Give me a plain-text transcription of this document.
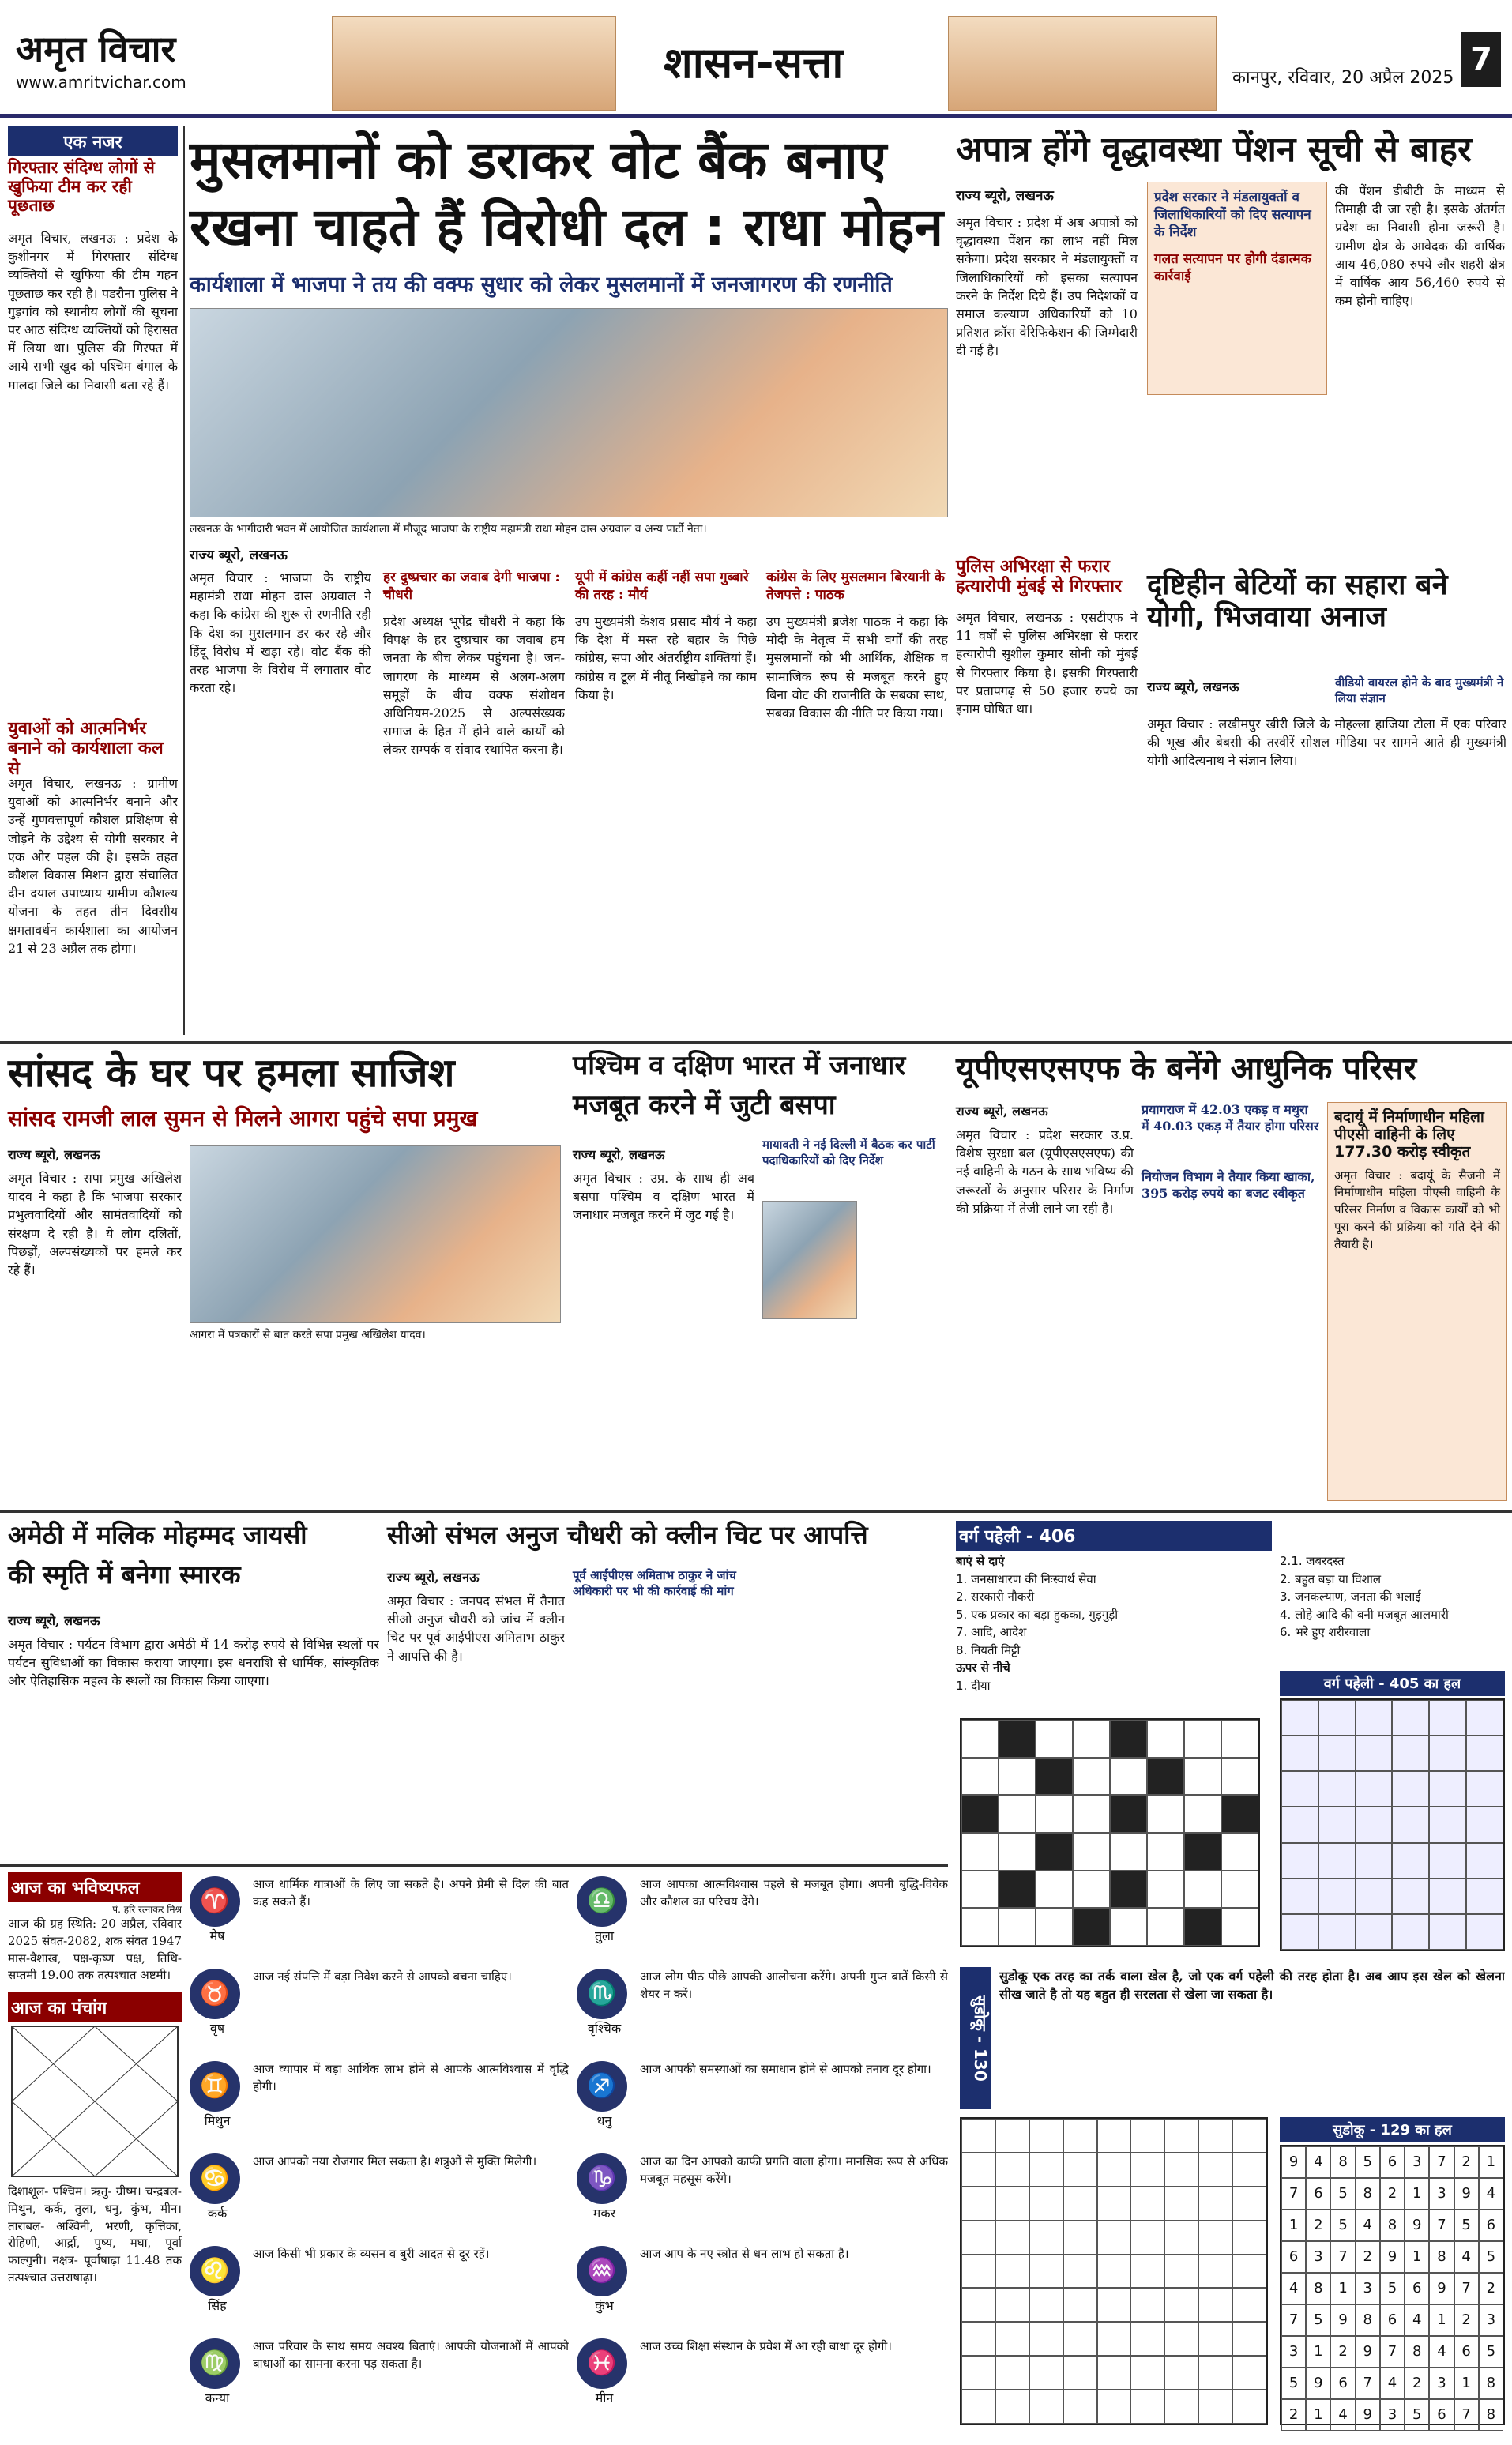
अमृत विचार
www.amritvichar.com	शासन-सत्ता	कानपुर, रविवार, 20 अप्रैल 2025
7
एक नजर
गिरफ्तार संदिग्ध लोगों से खुफिया टीम कर रही पूछताछ
अमृत विचार, लखनऊ : प्रदेश के कुशीनगर में गिरफ्तार संदिग्ध व्यक्तियों से खुफिया की टीम गहन पूछताछ कर रही है। पडरौना पुलिस ने गुड़गांव को स्थानीय लोगों की सूचना पर आठ संदिग्ध व्यक्तियों को हिरासत में लिया था। पुलिस की गिरफ्त में आये सभी खुद को पश्चिम बंगाल के मालदा जिले का निवासी बता रहे हैं।
युवाओं को आत्मनिर्भर बनाने को कार्यशाला कल से
अमृत विचार, लखनऊ : ग्रामीण युवाओं को आत्मनिर्भर बनाने और उन्हें गुणवत्तापूर्ण कौशल प्रशिक्षण से जोड़ने के उद्देश्य से योगी सरकार ने एक और पहल की है। इसके तहत कौशल विकास मिशन द्वारा संचालित दीन दयाल उपाध्याय ग्रामीण कौशल्य योजना के तहत तीन दिवसीय क्षमतावर्धन कार्यशाला का आयोजन 21 से 23 अप्रैल तक होगा।
मुसलमानों को डराकर वोट बैंक बनाए
रखना चाहते हैं विरोधी दल : राधा मोहन
कार्यशाला में भाजपा ने तय की वक्फ सुधार को लेकर मुसलमानों में जनजागरण की रणनीति
लखनऊ के भागीदारी भवन में आयोजित कार्यशाला में मौजूद भाजपा के राष्ट्रीय महामंत्री राधा मोहन दास अग्रवाल व अन्य पार्टी नेता।
राज्य ब्यूरो, लखनऊ
अमृत विचार : भाजपा के राष्ट्रीय महामंत्री राधा मोहन दास अग्रवाल ने कहा कि कांग्रेस की शुरू से रणनीति रही कि देश का मुसलमान डर कर रहे और हिंदू विरोध में खड़ा रहे। वोट बैंक की तरह भाजपा के विरोध में लगातार वोट करता रहे।
हर दुष्प्रचार का जवाब देगी भाजपा : चौधरी
प्रदेश अध्यक्ष भूपेंद्र चौधरी ने कहा कि विपक्ष के हर दुष्प्रचार का जवाब हम जनता के बीच लेकर पहुंचना है। जन-जागरण के माध्यम से अलग-अलग समूहों के बीच वक्फ संशोधन अधिनियम-2025 से अल्पसंख्यक समाज के हित में होने वाले कार्यों को लेकर सम्पर्क व संवाद स्थापित करना है।
यूपी में कांग्रेस कहीं नहीं सपा गुब्बारे की तरह : मौर्य
उप मुख्यमंत्री केशव प्रसाद मौर्य ने कहा कि देश में मस्त रहे बहार के पिछे कांग्रेस, सपा और अंतर्राष्ट्रीय शक्तियां हैं। कांग्रेस व टूल में नीतू निखोड़ने का काम किया है।
कांग्रेस के लिए मुसलमान बिरयानी के तेजपत्ते : पाठक
उप मुख्यमंत्री ब्रजेश पाठक ने कहा कि मोदी के नेतृत्व में सभी वर्गों की तरह मुसलमानों को भी आर्थिक, शैक्षिक व सामाजिक रूप से मजबूत करने हुए बिना वोट की राजनीति के सबका साथ, सबका विकास की नीति पर किया गया।
अपात्र होंगे वृद्धावस्था पेंशन सूची से बाहर
राज्य ब्यूरो, लखनऊ
अमृत विचार : प्रदेश में अब अपात्रों को वृद्धावस्था पेंशन का लाभ नहीं मिल सकेगा। प्रदेश सरकार ने मंडलायुक्तों व जिलाधिकारियों को इसका सत्यापन करने के निर्देश दिये हैं। उप निदेशकों व समाज कल्याण अधिकारियों को 10 प्रतिशत क्रॉस वेरिफिकेशन की जिम्मेदारी दी गई है।
प्रदेश सरकार ने मंडलायुक्तों व जिलाधिकारियों को दिए सत्यापन के निर्देश
गलत सत्यापन पर होगी दंडात्मक कार्रवाई
की पेंशन डीबीटी के माध्यम से तिमाही दी जा रही है। इसके अंतर्गत प्रदेश का निवासी होना जरूरी है। ग्रामीण क्षेत्र के आवेदक की वार्षिक आय 46,080 रुपये और शहरी क्षेत्र में वार्षिक आय 56,460 रुपये से कम होनी चाहिए।
पुलिस अभिरक्षा से फरार हत्यारोपी मुंबई से गिरफ्तार
अमृत विचार, लखनऊ : एसटीएफ ने 11 वर्षों से पुलिस अभिरक्षा से फरार हत्यारोपी सुशील कुमार सोनी को मुंबई से गिरफ्तार किया है। इसकी गिरफ्तारी पर प्रतापगढ़ से 50 हजार रुपये का इनाम घोषित था।
दृष्टिहीन बेटियों का सहारा बने योगी, भिजवाया अनाज
राज्य ब्यूरो, लखनऊ	वीडियो वायरल होने के बाद मुख्यमंत्री ने लिया संज्ञान
अमृत विचार : लखीमपुर खीरी जिले के मोहल्ला हाजिया टोला में एक परिवार की भूख और बेबसी की तस्वीरें सोशल मीडिया पर सामने आते ही मुख्यमंत्री योगी आदित्यनाथ ने संज्ञान लिया।
सांसद के घर पर हमला साजिश
सांसद रामजी लाल सुमन से मिलने आगरा पहुंचे सपा प्रमुख
राज्य ब्यूरो, लखनऊ
अमृत विचार : सपा प्रमुख अखिलेश यादव ने कहा है कि भाजपा सरकार प्रभुत्ववादियों और सामंतवादियों को संरक्षण दे रही है। ये लोग दलितों, पिछड़ों, अल्पसंख्यकों पर हमले कर रहे हैं।
आगरा में पत्रकारों से बात करते सपा प्रमुख अखिलेश यादव।
पश्चिम व दक्षिण भारत में जनाधार
मजबूत करने में जुटी बसपा
राज्य ब्यूरो, लखनऊ
मायावती ने नई दिल्ली में बैठक कर पार्टी पदाधिकारियों को दिए निर्देश
अमृत विचार : उप्र. के साथ ही अब बसपा पश्चिम व दक्षिण भारत में जनाधार मजबूत करने में जुट गई है।
यूपीएसएसएफ के बनेंगे आधुनिक परिसर
राज्य ब्यूरो, लखनऊ
अमृत विचार : प्रदेश सरकार उ.प्र. विशेष सुरक्षा बल (यूपीएसएसएफ) की नई वाहिनी के गठन के साथ भविष्य की जरूरतों के अनुसार परिसर के निर्माण की प्रक्रिया में तेजी लाने जा रही है।
प्रयागराज में 42.03 एकड़ व मथुरा में 40.03 एकड़ में तैयार होगा परिसर
नियोजन विभाग ने तैयार किया खाका, 395 करोड़ रुपये का बजट स्वीकृत
बदायूं में निर्माणाधीन महिला पीएसी वाहिनी के लिए 177.30 करोड़ स्वीकृत
अमृत विचार : बदायूं के सैजनी में निर्माणाधीन महिला पीएसी वाहिनी के परिसर निर्माण व विकास कार्यों को भी पूरा करने की प्रक्रिया को गति देने की तैयारी है।
अमेठी में मलिक मोहम्मद जायसी
की स्मृति में बनेगा स्मारक
राज्य ब्यूरो, लखनऊ
अमृत विचार : पर्यटन विभाग द्वारा अमेठी में 14 करोड़ रुपये से विभिन्न स्थलों पर पर्यटन सुविधाओं का विकास कराया जाएगा। इस धनराशि से धार्मिक, सांस्कृतिक और ऐतिहासिक महत्व के स्थलों का विकास किया जाएगा।
सीओ संभल अनुज चौधरी को क्लीन चिट पर आपत्ति
राज्य ब्यूरो, लखनऊ	पूर्व आईपीएस अमिताभ ठाकुर ने जांच अधिकारी पर भी की कार्रवाई की मांग
अमृत विचार : जनपद संभल में तैनात सीओ अनुज चौधरी को जांच में क्लीन चिट पर पूर्व आईपीएस अमिताभ ठाकुर ने आपत्ति की है।
वर्ग पहेली - 406
बाएं से दाएं
1. जनसाधारण की निःस्वार्थ सेवा
2. सरकारी नौकरी
5. एक प्रकार का बड़ा हुकका, गुड़गुड़ी
7. आदि, आदेश
8. नियती मिट्टी
ऊपर से नीचे
1. दीया
2.1. जबरदस्त
2. बहुत बड़ा या विशाल
3. जनकल्याण, जनता की भलाई
4. लोहे आदि की बनी मजबूत आलमारी
6. भरे हुए शरीरवाला
वर्ग पहेली - 405 का हल
आज का भविष्यफल
पं. हरि रत्नाकर मिश्र
आज की ग्रह स्थिति: 20 अप्रैल, रविवार 2025 संवत-2082, शक संवत 1947 मास-वैशाख, पक्ष-कृष्ण पक्ष, तिथि-सप्तमी 19.00 तक तत्पश्चात अष्टमी।
आज का पंचांग
दिशाशूल- पश्चिम। ऋतु- ग्रीष्म। चन्द्रबल- मिथुन, कर्क, तुला, धनु, कुंभ, मीन। ताराबल- अश्विनी, भरणी, कृत्तिका, रोहिणी, आर्द्रा, पुष्य, मघा, पूर्वा फाल्गुनी। नक्षत्र- पूर्वाषाढ़ा 11.48 तक तत्पश्चात उत्तराषाढ़ा।
♈
मेष
आज धार्मिक यात्राओं के लिए जा सकते है। अपने प्रेमी से दिल की बात कह सकते हैं।
♉
वृष
आज नई संपत्ति में बड़ा निवेश करने से आपको बचना चाहिए।
♊
मिथुन
आज व्यापार में बड़ा आर्थिक लाभ होने से आपके आत्मविश्वास में वृद्धि होगी।
♋
कर्क
आज आपको नया रोजगार मिल सकता है। शत्रुओं से मुक्ति मिलेगी।
♌
सिंह
आज किसी भी प्रकार के व्यसन व बुरी आदत से दूर रहें।
♍
कन्या
आज परिवार के साथ समय अवश्य बिताएं। आपकी योजनाओं में आपको बाधाओं का सामना करना पड़ सकता है।
♎
तुला
आज आपका आत्मविश्वास पहले से मजबूत होगा। अपनी बुद्धि-विवेक और कौशल का परिचय देंगे।
♏
वृश्चिक
आज लोग पीठ पीछे आपकी आलोचना करेंगे। अपनी गुप्त बातें किसी से शेयर न करें।
♐
धनु
आज आपकी समस्याओं का समाधान होने से आपको तनाव दूर होगा।
♑
मकर
आज का दिन आपको काफी प्रगति वाला होगा। मानसिक रूप से अधिक मजबूत महसूस करेंगे।
♒
कुंभ
आज आप के नए स्त्रोत से धन लाभ हो सकता है।
♓
मीन
आज उच्च शिक्षा संस्थान के प्रवेश में आ रही बाधा दूर होगी।
सुडोकू - 130
सुडोकू एक तरह का तर्क वाला खेल है, जो एक वर्ग पहेली की तरह होता है। अब आप इस खेल को खेलना सीख जाते है तो यह बहुत ही सरलता से खेला जा सकता है।
सुडोकू - 129 का हल
9	4	8	5	6	3	7	2	1
7	6	5	8	2	1	3	9	4
1	2	5	4	8	9	7	5	6
6	3	7	2	9	1	8	4	5
4	8	1	3	5	6	9	7	2
7	5	9	8	6	4	1	2	3
3	1	2	9	7	8	4	6	5
5	9	6	7	4	2	3	1	8
2	1	4	9	3	5	6	7	8
